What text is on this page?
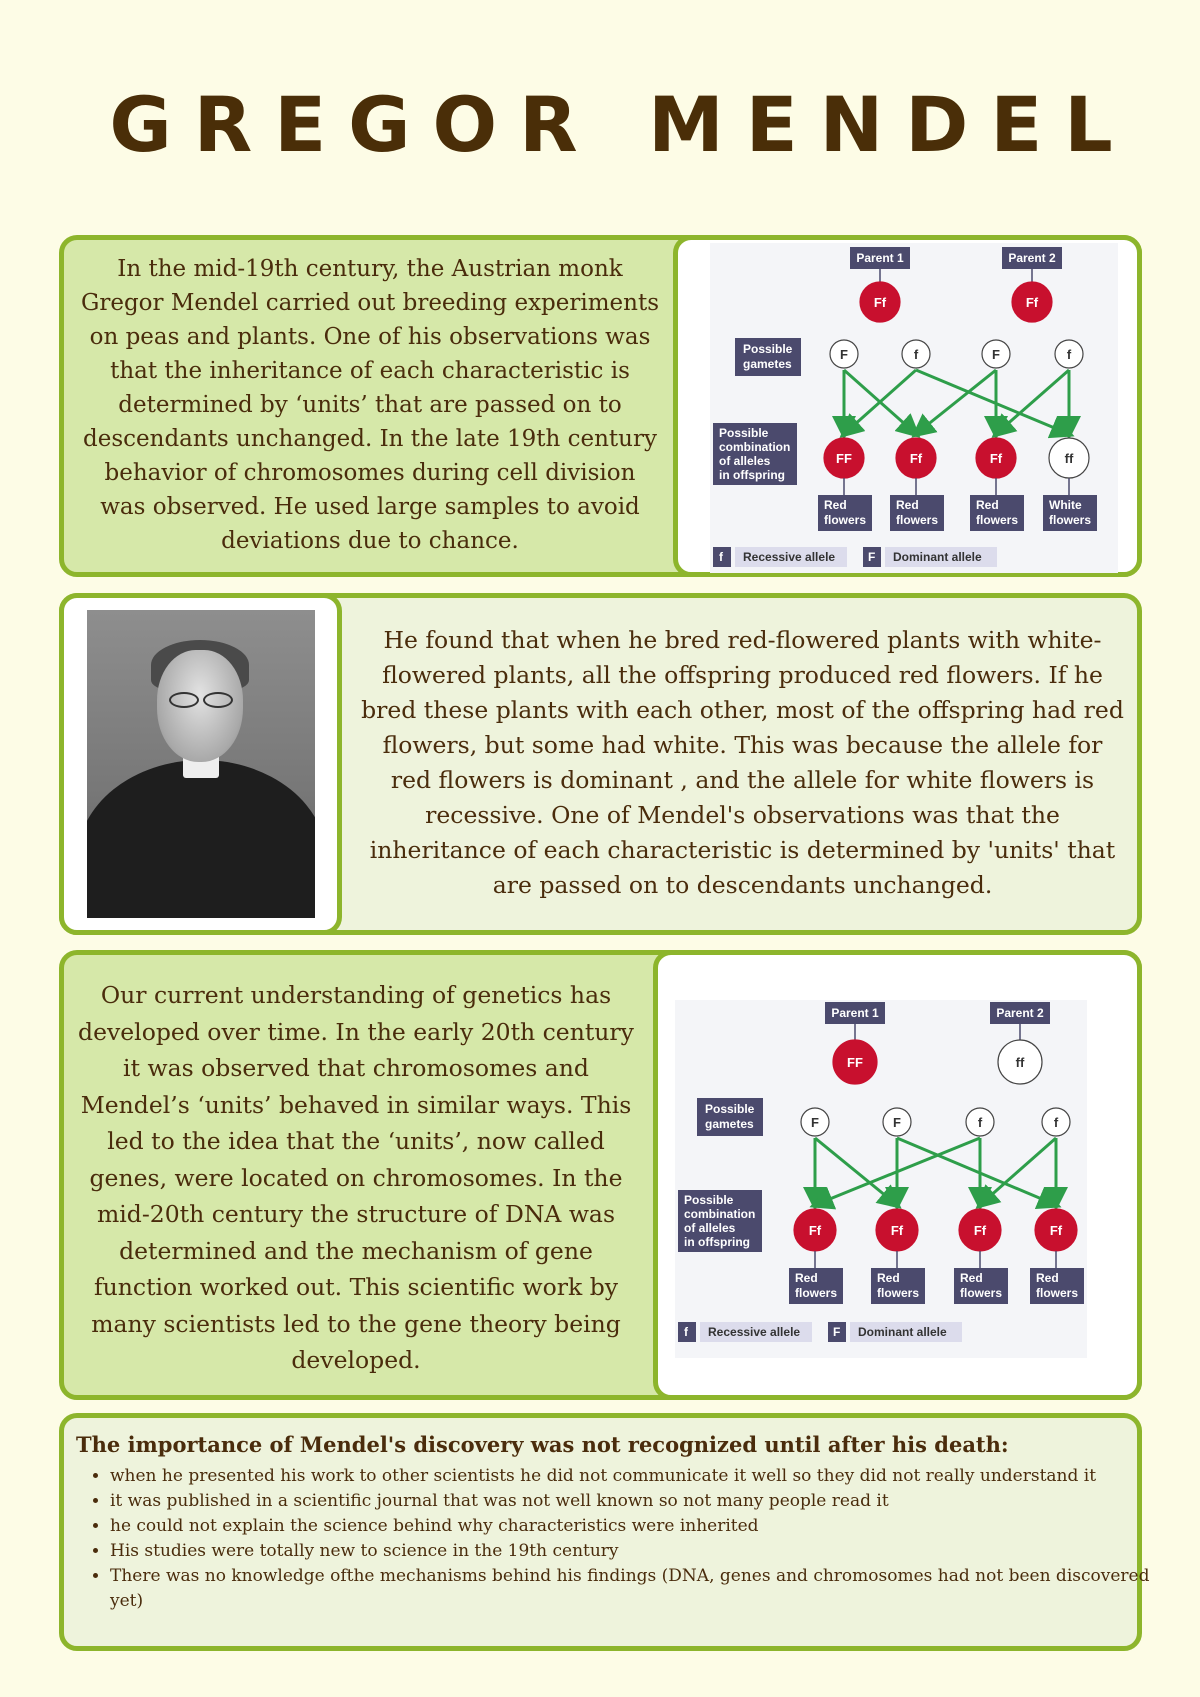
GREGOR MENDEL
In the mid-19th century, the Austrian monk Gregor Mendel carried out breeding experiments on peas and plants. One of his observations was that the inheritance of each characteristic is determined by ‘units’ that are passed on to descendants unchanged. In the late 19th century behavior of chromosomes during cell division was observed. He used large samples to avoid deviations due to chance.
Parent 1
Ff
Parent 2
Ff
Possible
gametes
F	f	F	f
Possible
combination
of alleles
in offspring
FF
Red
flowers
Ff
Red
flowers
Ff
Red
flowers
ff
White
flowers
f Recessive allele	F Dominant allele
He found that when he bred red-flowered plants with white-flowered plants, all the offspring produced red flowers. If he bred these plants with each other, most of the offspring had red flowers, but some had white. This was because the allele for red flowers is dominant , and the allele for white flowers is recessive. One of Mendel's observations was that the inheritance of each characteristic is determined by 'units' that are passed on to descendants unchanged.
Our current understanding of genetics has developed over time. In the early 20th century it was observed that chromosomes and Mendel’s ‘units’ behaved in similar ways. This led to the idea that the ‘units’, now called genes, were located on chromosomes. In the mid-20th century the structure of DNA was determined and the mechanism of gene function worked out. This scientific work by many scientists led to the gene theory being developed.
Parent 1
FF
Parent 2
ff
Possible
gametes	F	F	f	f
Possible
combination
of alleles
in offspring
Ff
Red
flowers
Ff
Red
flowers
Ff
Red
flowers
Ff
Red
flowers
f Recessive allele	F Dominant allele
The importance of Mendel's discovery was not recognized until after his death:
• when he presented his work to other scientists he did not communicate it well so they did not really understand it
• it was published in a scientific journal that was not well known so not many people read it
• he could not explain the science behind why characteristics were inherited
• His studies were totally new to science in the 19th century
• There was no knowledge ofthe mechanisms behind his findings (DNA, genes and chromosomes had not been discovered yet)
